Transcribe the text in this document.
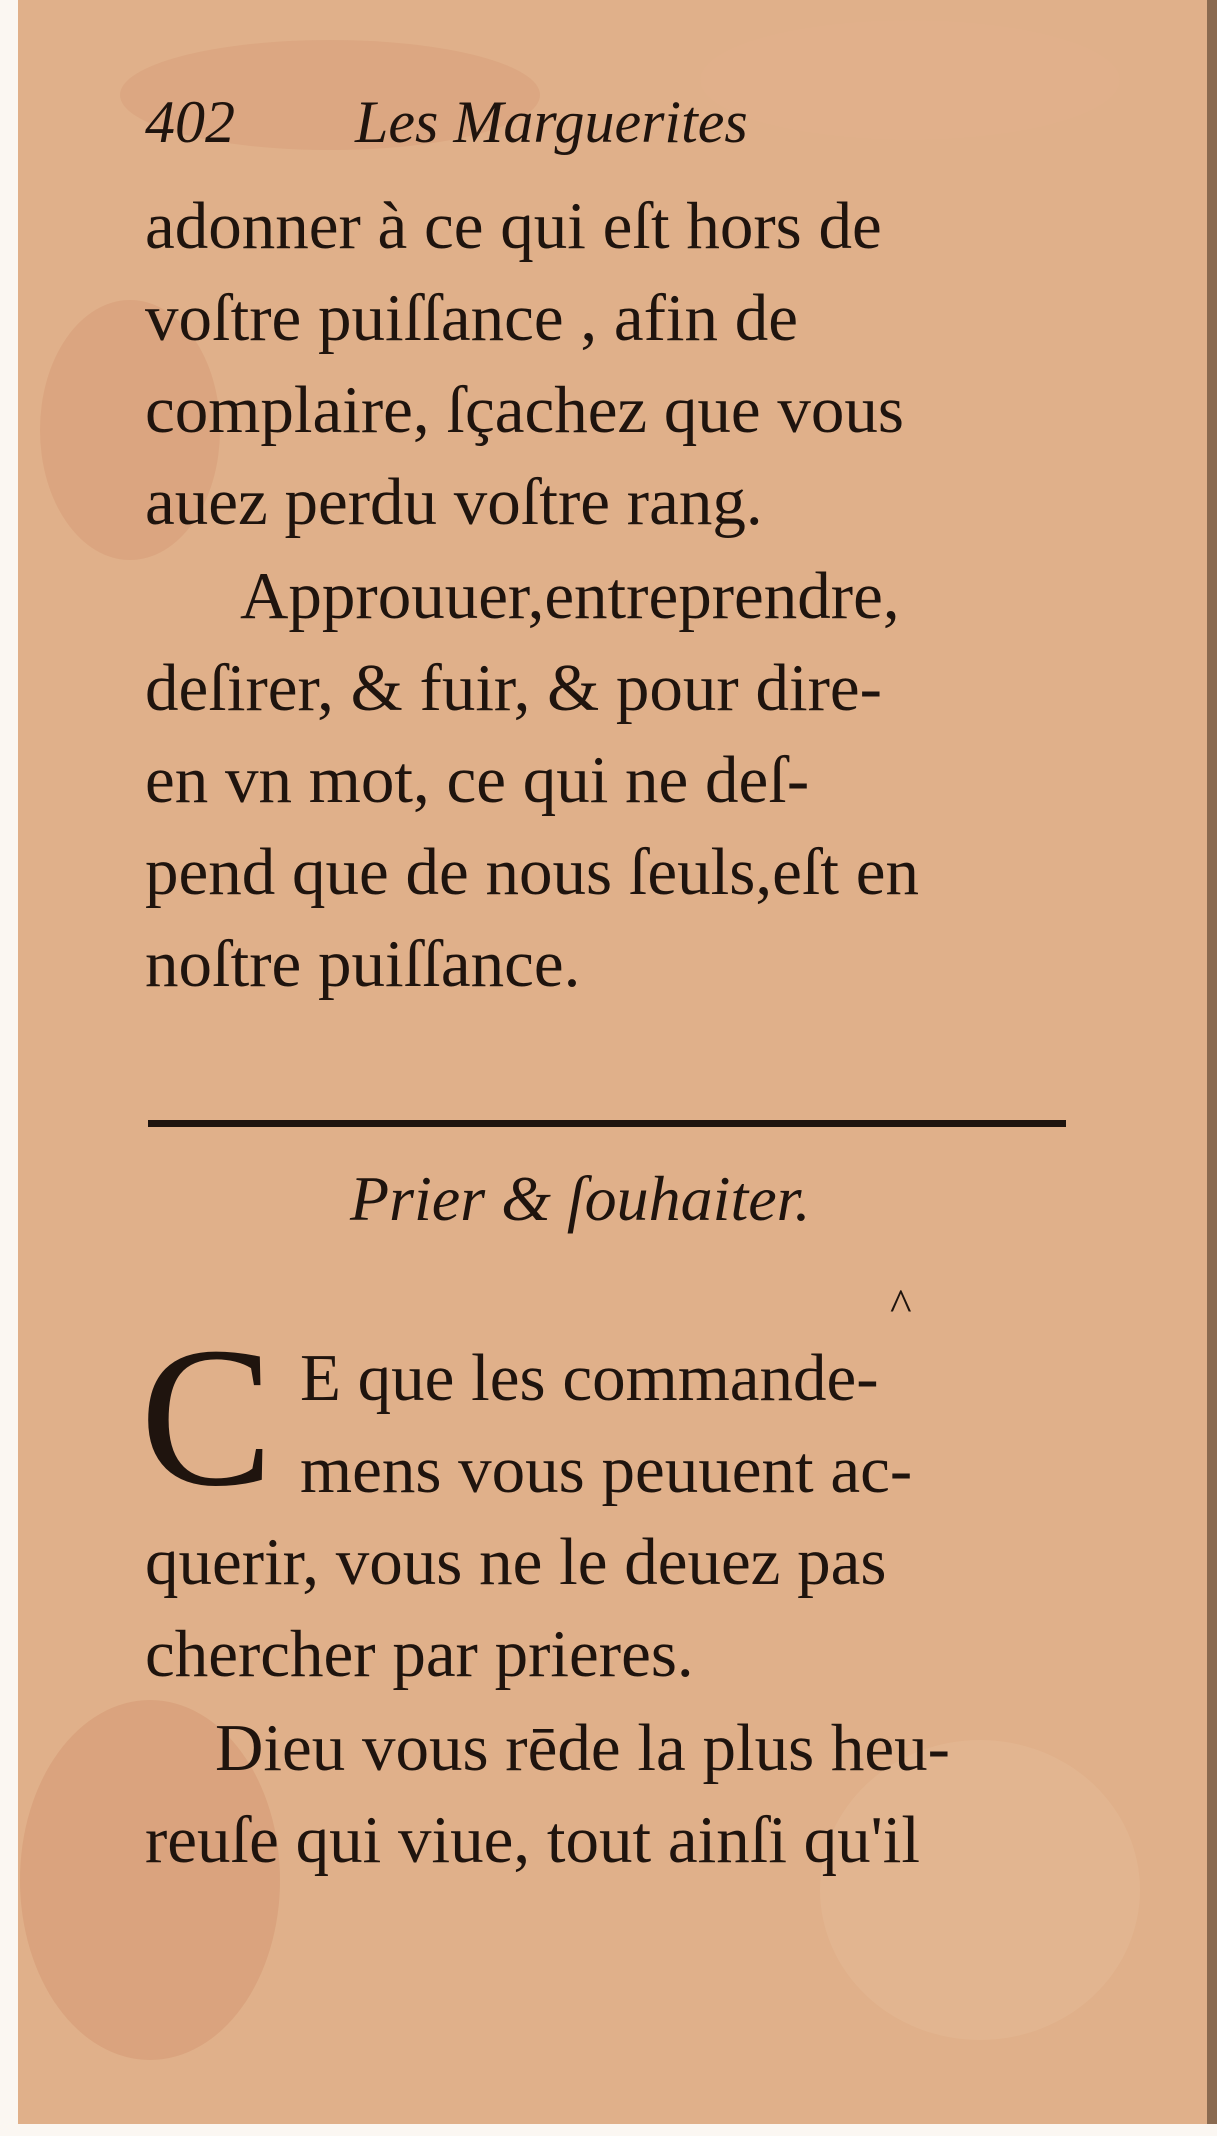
402 Les Marguerites
adonner à ce qui eſt hors de
voſtre puiſſance , afin de
complaire, ſçachez que vous
auez perdu voſtre rang.
Approuuer,entreprendre,
deſirer, & fuir, & pour dire-
en vn mot, ce qui ne deſ-
pend que de nous ſeuls,eſt en
noſtre puiſſance.
Prier & ſouhaiter.
^
C E que les commande-
mens vous peuuent ac-
querir, vous ne le deuez pas
chercher par prieres.
Dieu vous rēde la plus heu-
reuſe qui viue, tout ainſi qu'il
